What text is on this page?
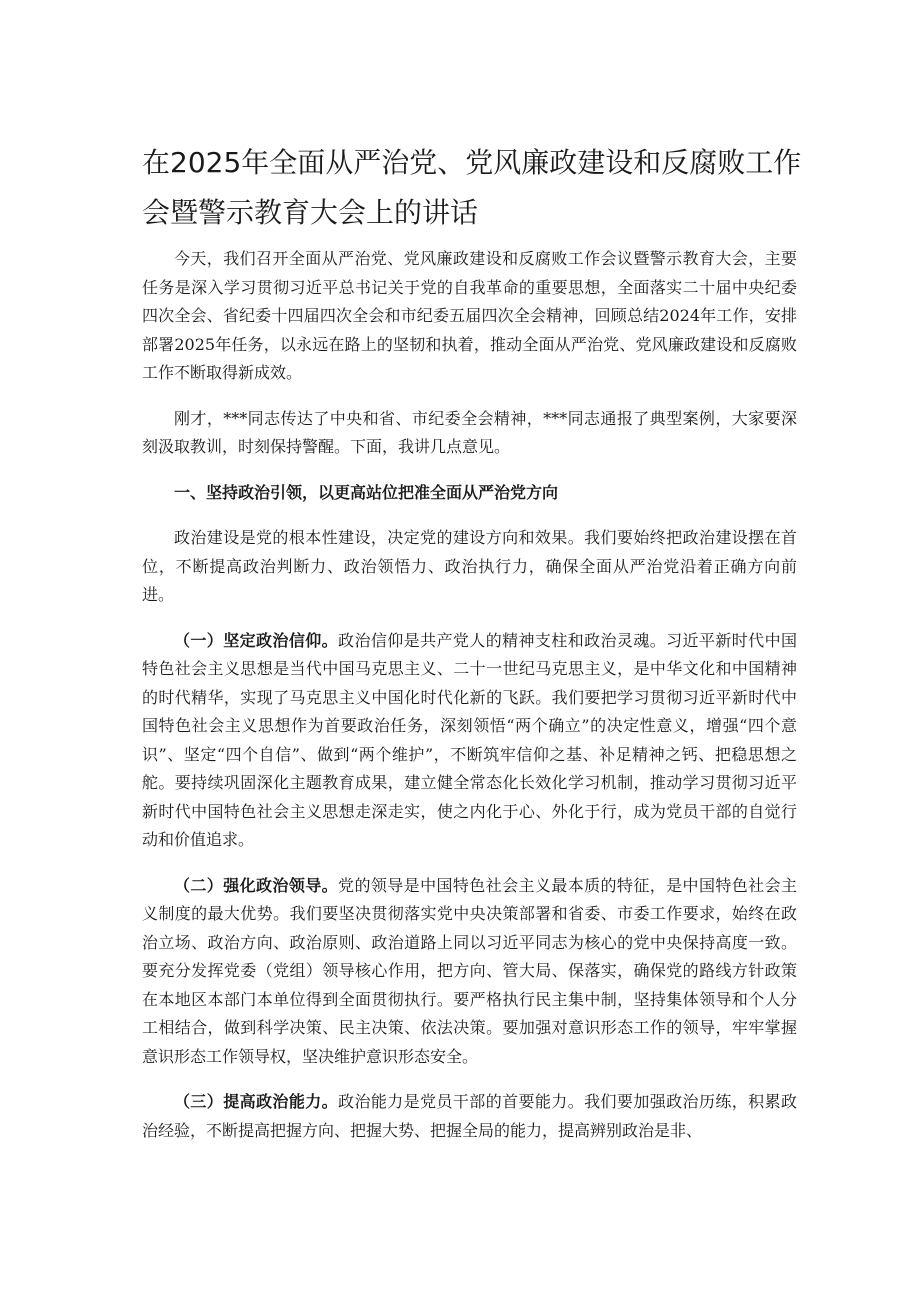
在2025年全面从严治党、党风廉政建设和反腐败工作会暨警示教育大会上的讲话

今天，我们召开全面从严治党、党风廉政建设和反腐败工作会议暨警示教育大会，主要任务是深入学习贯彻习近平总书记关于党的自我革命的重要思想，全面落实二十届中央纪委四次全会、省纪委十四届四次全会和市纪委五届四次全会精神，回顾总结2024年工作，安排部署2025年任务，以永远在路上的坚韧和执着，推动全面从严治党、党风廉政建设和反腐败工作不断取得新成效。

刚才，***同志传达了中央和省、市纪委全会精神，***同志通报了典型案例，大家要深刻汲取教训，时刻保持警醒。下面，我讲几点意见。

一、坚持政治引领，以更高站位把准全面从严治党方向

政治建设是党的根本性建设，决定党的建设方向和效果。我们要始终把政治建设摆在首位，不断提高政治判断力、政治领悟力、政治执行力，确保全面从严治党沿着正确方向前进。

（一）坚定政治信仰。政治信仰是共产党人的精神支柱和政治灵魂。习近平新时代中国特色社会主义思想是当代中国马克思主义、二十一世纪马克思主义，是中华文化和中国精神的时代精华，实现了马克思主义中国化时代化新的飞跃。我们要把学习贯彻习近平新时代中国特色社会主义思想作为首要政治任务，深刻领悟“两个确立”的决定性意义，增强“四个意识”、坚定“四个自信”、做到“两个维护”，不断筑牢信仰之基、补足精神之钙、把稳思想之舵。要持续巩固深化主题教育成果，建立健全常态化长效化学习机制，推动学习贯彻习近平新时代中国特色社会主义思想走深走实，使之内化于心、外化于行，成为党员干部的自觉行动和价值追求。

（二）强化政治领导。党的领导是中国特色社会主义最本质的特征，是中国特色社会主义制度的最大优势。我们要坚决贯彻落实党中央决策部署和省委、市委工作要求，始终在政治立场、政治方向、政治原则、政治道路上同以习近平同志为核心的党中央保持高度一致。要充分发挥党委（党组）领导核心作用，把方向、管大局、保落实，确保党的路线方针政策在本地区本部门本单位得到全面贯彻执行。要严格执行民主集中制，坚持集体领导和个人分工相结合，做到科学决策、民主决策、依法决策。要加强对意识形态工作的领导，牢牢掌握意识形态工作领导权，坚决维护意识形态安全。

（三）提高政治能力。政治能力是党员干部的首要能力。我们要加强政治历练，积累政治经验，不断提高把握方向、把握大势、把握全局的能力，提高辨别政治是非、
